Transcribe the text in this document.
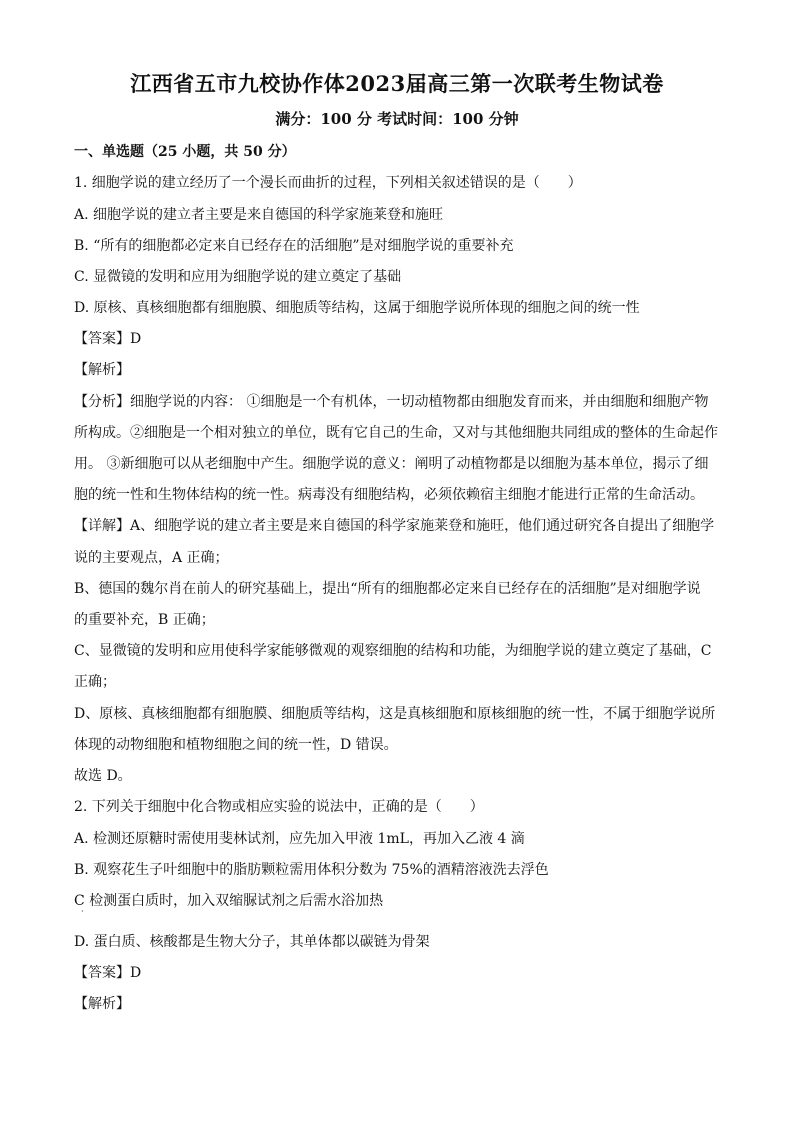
江西省五市九校协作体2023届高三第一次联考生物试卷
满分：100 分 考试时间：100 分钟
一、单选题（25 小题，共 50 分）
1. 细胞学说的建立经历了一个漫长而曲折的过程，下列相关叙述错误的是（　　）
A. 细胞学说的建立者主要是来自德国的科学家施莱登和施旺
B. “所有的细胞都必定来自已经存在的活细胞”是对细胞学说的重要补充
C. 显微镜的发明和应用为细胞学说的建立奠定了基础
D. 原核、真核细胞都有细胞膜、细胞质等结构，这属于细胞学说所体现的细胞之间的统一性
【答案】D
【解析】
【分析】细胞学说的内容： ①细胞是一个有机体，一切动植物都由细胞发育而来，并由细胞和细胞产物
所构成。②细胞是一个相对独立的单位，既有它自己的生命，又对与其他细胞共同组成的整体的生命起作
用。 ③新细胞可以从老细胞中产生。细胞学说的意义：阐明了动植物都是以细胞为基本单位，揭示了细
胞的统一性和生物体结构的统一性。病毒没有细胞结构，必须依赖宿主细胞才能进行正常的生命活动。
【详解】A、细胞学说的建立者主要是来自德国的科学家施莱登和施旺，他们通过研究各自提出了细胞学
说的主要观点，A 正确；
B、德国的魏尔肖在前人的研究基础上，提出“所有的细胞都必定来自已经存在的活细胞”是对细胞学说
的重要补充，B 正确；
C、显微镜的发明和应用使科学家能够微观的观察细胞的结构和功能，为细胞学说的建立奠定了基础，C
正确；
D、原核、真核细胞都有细胞膜、细胞质等结构，这是真核细胞和原核细胞的统一性，不属于细胞学说所
体现的动物细胞和植物细胞之间的统一性，D 错误。
故选 D。
2. 下列关于细胞中化合物或相应实验的说法中，正确的是（　　）
A. 检测还原糖时需使用斐林试剂，应先加入甲液 1mL，再加入乙液 4 滴
B. 观察花生子叶细胞中的脂肪颗粒需用体积分数为 75%的酒精溶液洗去浮色
C 检测蛋白质时，加入双缩脲试剂之后需水浴加热
·
D. 蛋白质、核酸都是生物大分子，其单体都以碳链为骨架
【答案】D
【解析】
